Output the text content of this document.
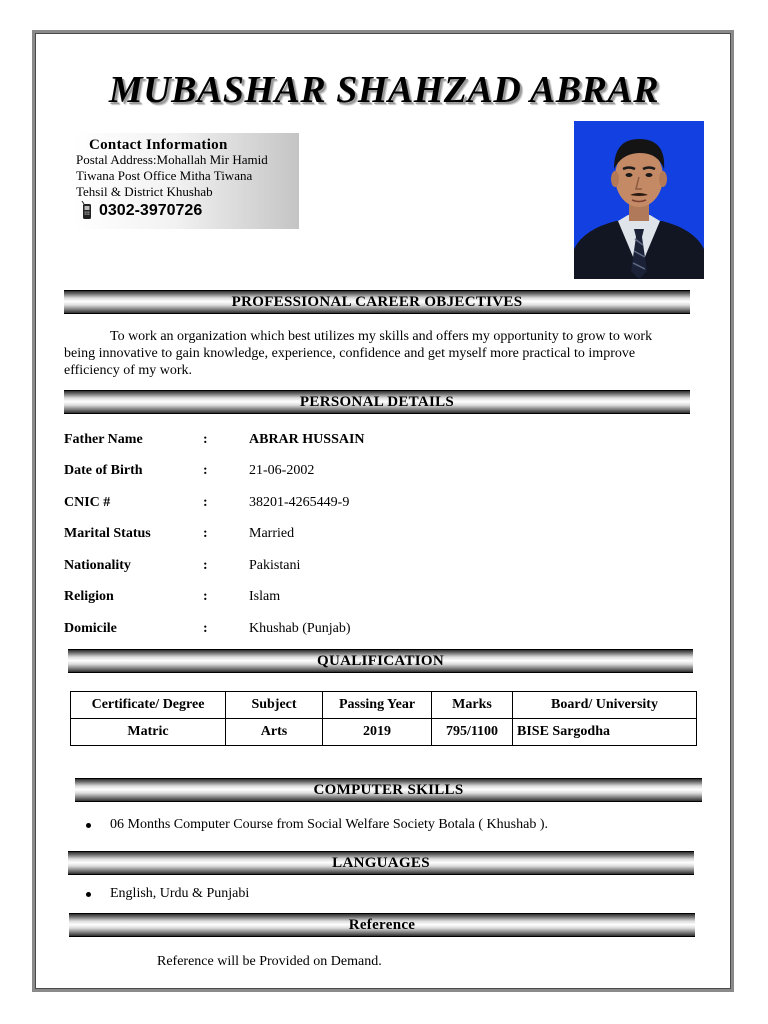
MUBASHAR SHAHZAD ABRAR
Contact Information
Postal Address:Mohallah Mir Hamid
Tiwana Post Office Mitha Tiwana
Tehsil & District Khushab
0302-3970726
PROFESSIONAL CAREER OBJECTIVES
To work an organization which best utilizes my skills and offers my opportunity to grow to work being innovative to gain knowledge, experience, confidence and get myself more practical to improve efficiency of my work.
PERSONAL DETAILS
Father Name	:	ABRAR HUSSAIN
Date of Birth	:	21-06-2002
CNIC #	:	38201-4265449-9
Marital Status	:	Married
Nationality	:	Pakistani
Religion	:	Islam
Domicile	:	Khushab (Punjab)
QUALIFICATION
Certificate/ Degree	Subject	Passing Year	Marks	Board/ University
Matric	Arts	2019	795/1100	BISE Sargodha
COMPUTER SKILLS
06 Months Computer Course from Social Welfare Society Botala ( Khushab ).
LANGUAGES
English, Urdu & Punjabi
Reference
Reference will be Provided on Demand.
